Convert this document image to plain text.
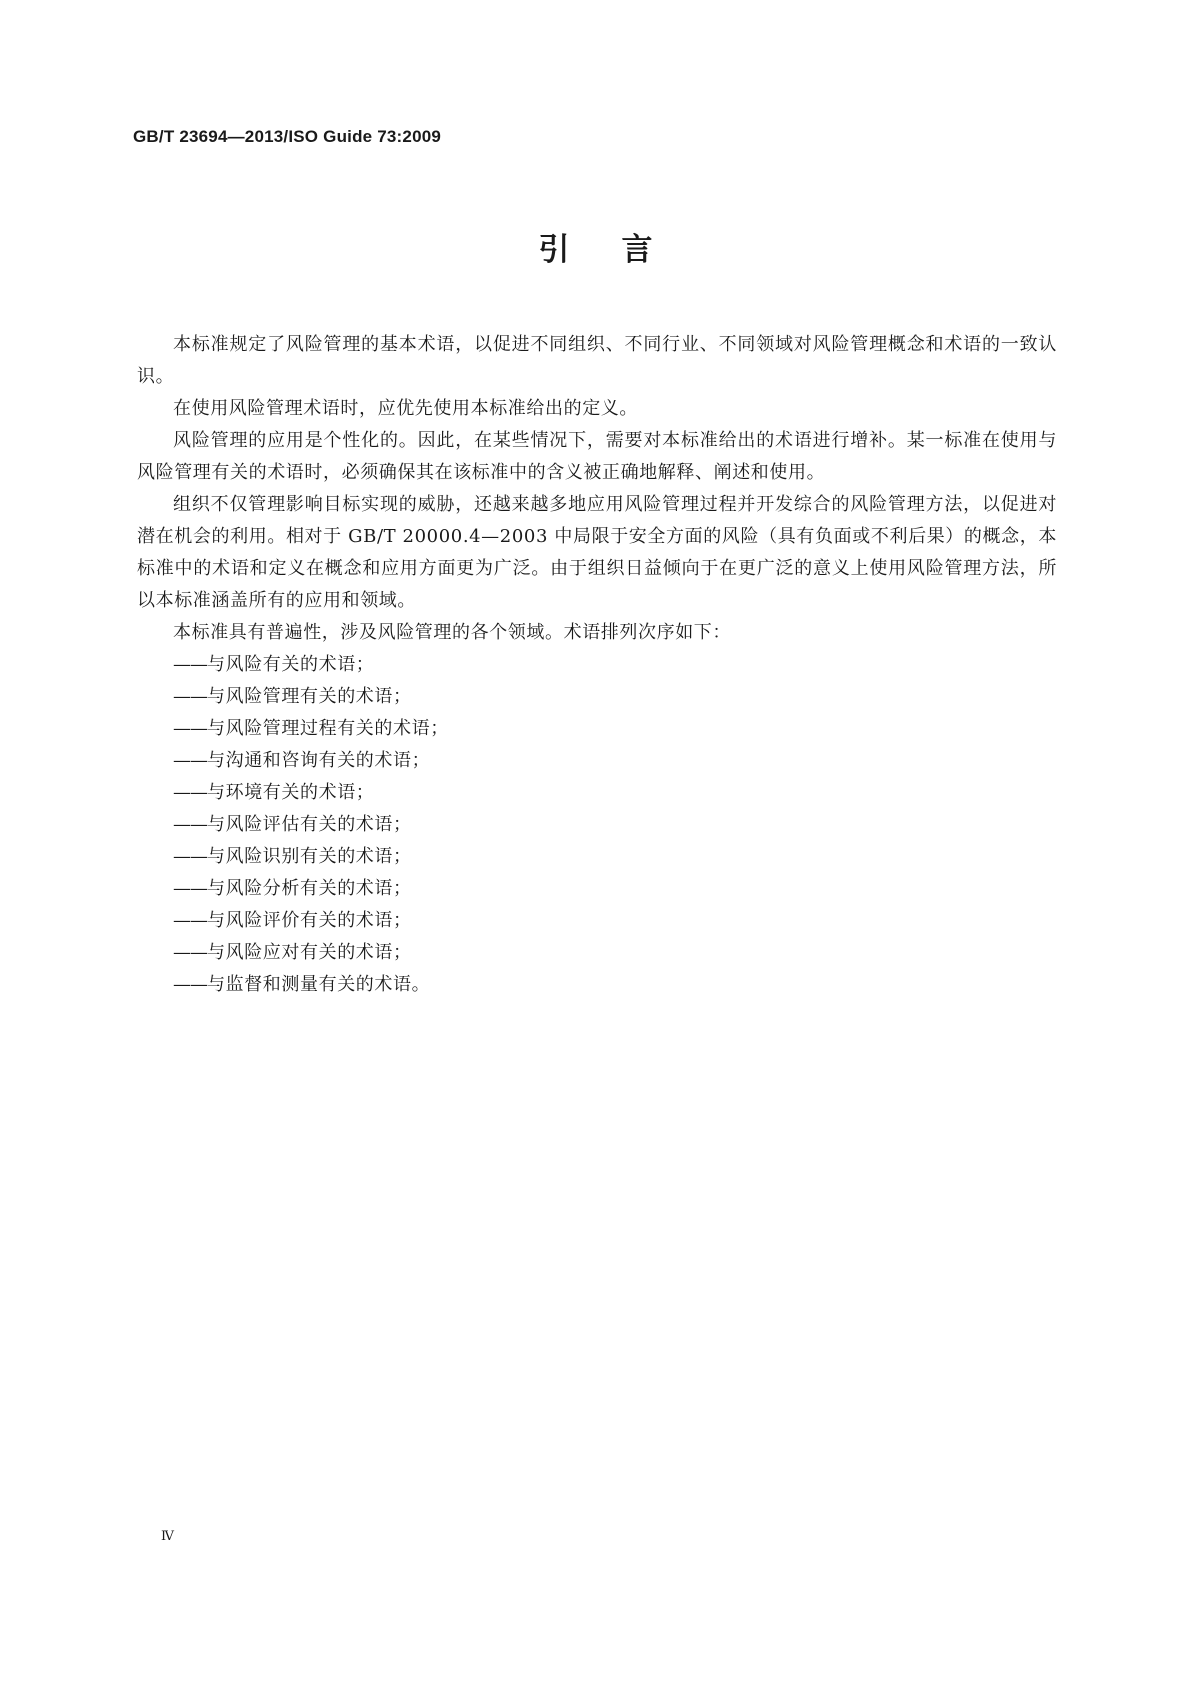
GB/T 23694—2013/ISO Guide 73:2009
引言

本标准规定了风险管理的基本术语，以促进不同组织、不同行业、不同领域对风险管理概念和术语的一致认识。

在使用风险管理术语时，应优先使用本标准给出的定义。

风险管理的应用是个性化的。因此，在某些情况下，需要对本标准给出的术语进行增补。某一标准在使用与风险管理有关的术语时，必须确保其在该标准中的含义被正确地解释、阐述和使用。

组织不仅管理影响目标实现的威胁，还越来越多地应用风险管理过程并开发综合的风险管理方法，以促进对潜在机会的利用。相对于 GB/T 20000.4—2003 中局限于安全方面的风险（具有负面或不利后果）的概念，本标准中的术语和定义在概念和应用方面更为广泛。由于组织日益倾向于在更广泛的意义上使用风险管理方法，所以本标准涵盖所有的应用和领域。

本标准具有普遍性，涉及风险管理的各个领域。术语排列次序如下：

——与风险有关的术语；
——与风险管理有关的术语；
——与风险管理过程有关的术语；
——与沟通和咨询有关的术语；
——与环境有关的术语；
——与风险评估有关的术语；
——与风险识别有关的术语；
——与风险分析有关的术语；
——与风险评价有关的术语；
——与风险应对有关的术语；
——与监督和测量有关的术语。
Ⅳ
